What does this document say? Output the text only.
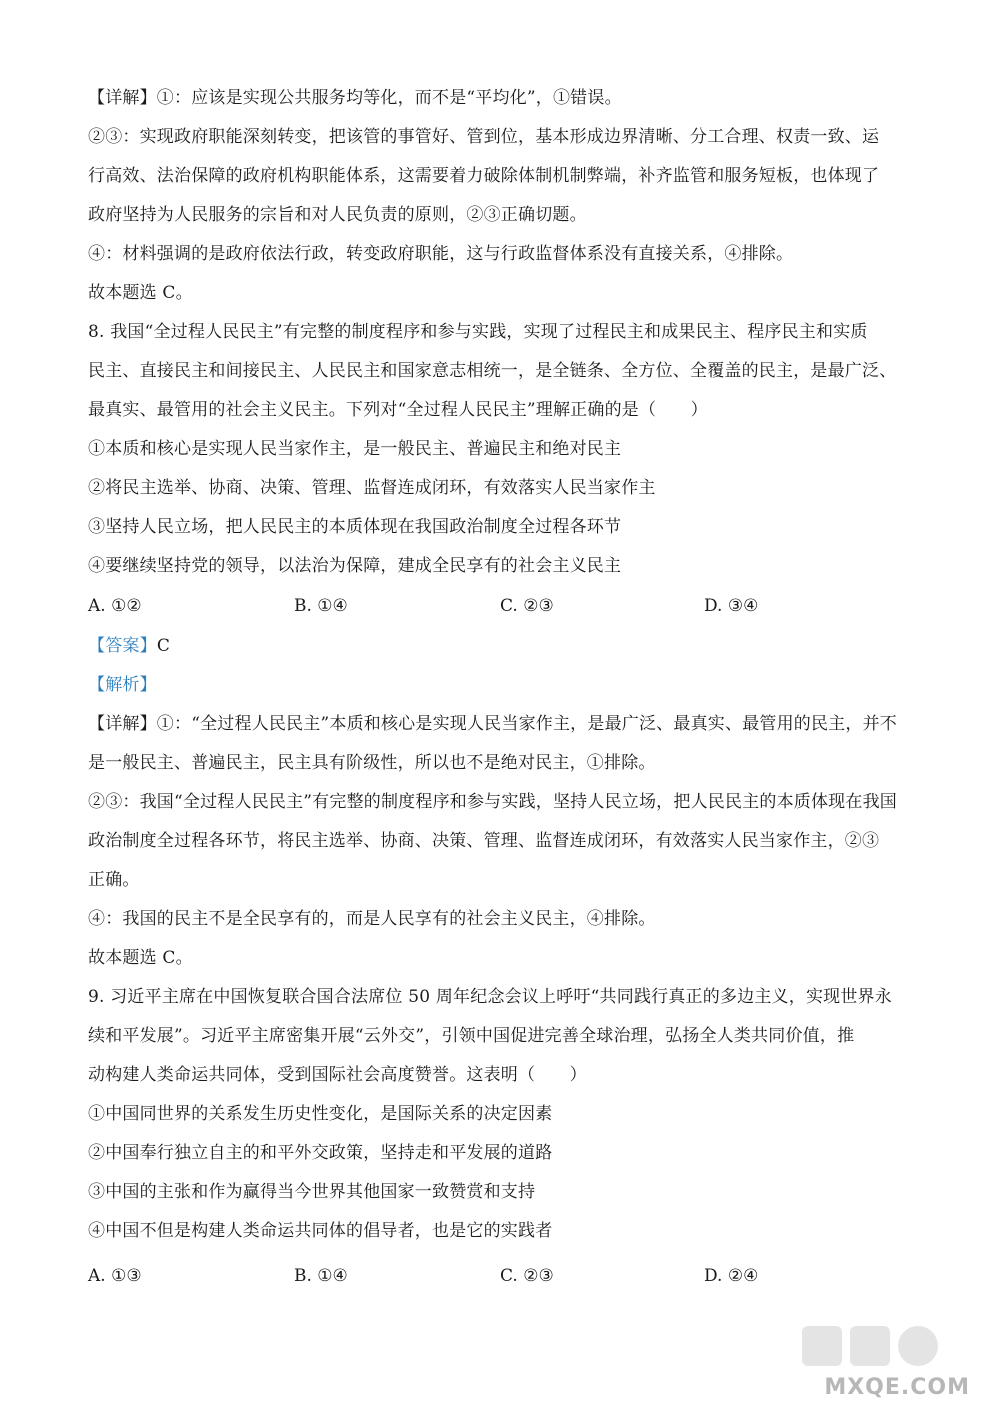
【详解】①：应该是实现公共服务均等化，而不是“平均化”，①错误。
②③：实现政府职能深刻转变，把该管的事管好、管到位，基本形成边界清晰、分工合理、权责一致、运
行高效、法治保障的政府机构职能体系，这需要着力破除体制机制弊端，补齐监管和服务短板，也体现了
政府坚持为人民服务的宗旨和对人民负责的原则，②③正确切题。
④：材料强调的是政府依法行政，转变政府职能，这与行政监督体系没有直接关系，④排除。
故本题选 C。
8. 我国“全过程人民民主”有完整的制度程序和参与实践，实现了过程民主和成果民主、程序民主和实质
民主、直接民主和间接民主、人民民主和国家意志相统一，是全链条、全方位、全覆盖的民主，是最广泛、
最真实、最管用的社会主义民主。下列对“全过程人民民主”理解正确的是（　　）
①本质和核心是实现人民当家作主，是一般民主、普遍民主和绝对民主
②将民主选举、协商、决策、管理、监督连成闭环，有效落实人民当家作主
③坚持人民立场，把人民民主的本质体现在我国政治制度全过程各环节
④要继续坚持党的领导，以法治为保障，建成全民享有的社会主义民主
A. ①②	B. ①④	C. ②③	D. ③④
【答案】C
【解析】
【详解】①：“全过程人民民主”本质和核心是实现人民当家作主，是最广泛、最真实、最管用的民主，并不
是一般民主、普遍民主，民主具有阶级性，所以也不是绝对民主，①排除。
②③：我国“全过程人民民主”有完整的制度程序和参与实践，坚持人民立场，把人民民主的本质体现在我国
政治制度全过程各环节，将民主选举、协商、决策、管理、监督连成闭环，有效落实人民当家作主，②③
正确。
④：我国的民主不是全民享有的，而是人民享有的社会主义民主，④排除。
故本题选 C。
9. 习近平主席在中国恢复联合国合法席位 50 周年纪念会议上呼吁“共同践行真正的多边主义，实现世界永
续和平发展”。习近平主席密集开展“云外交”，引领中国促进完善全球治理，弘扬全人类共同价值，推
动构建人类命运共同体，受到国际社会高度赞誉。这表明（　　）
①中国同世界的关系发生历史性变化，是国际关系的决定因素
②中国奉行独立自主的和平外交政策，坚持走和平发展的道路
③中国的主张和作为赢得当今世界其他国家一致赞赏和支持
④中国不但是构建人类命运共同体的倡导者，也是它的实践者
A. ①③	B. ①④	C. ②③	D. ②④
MXQE.COM
